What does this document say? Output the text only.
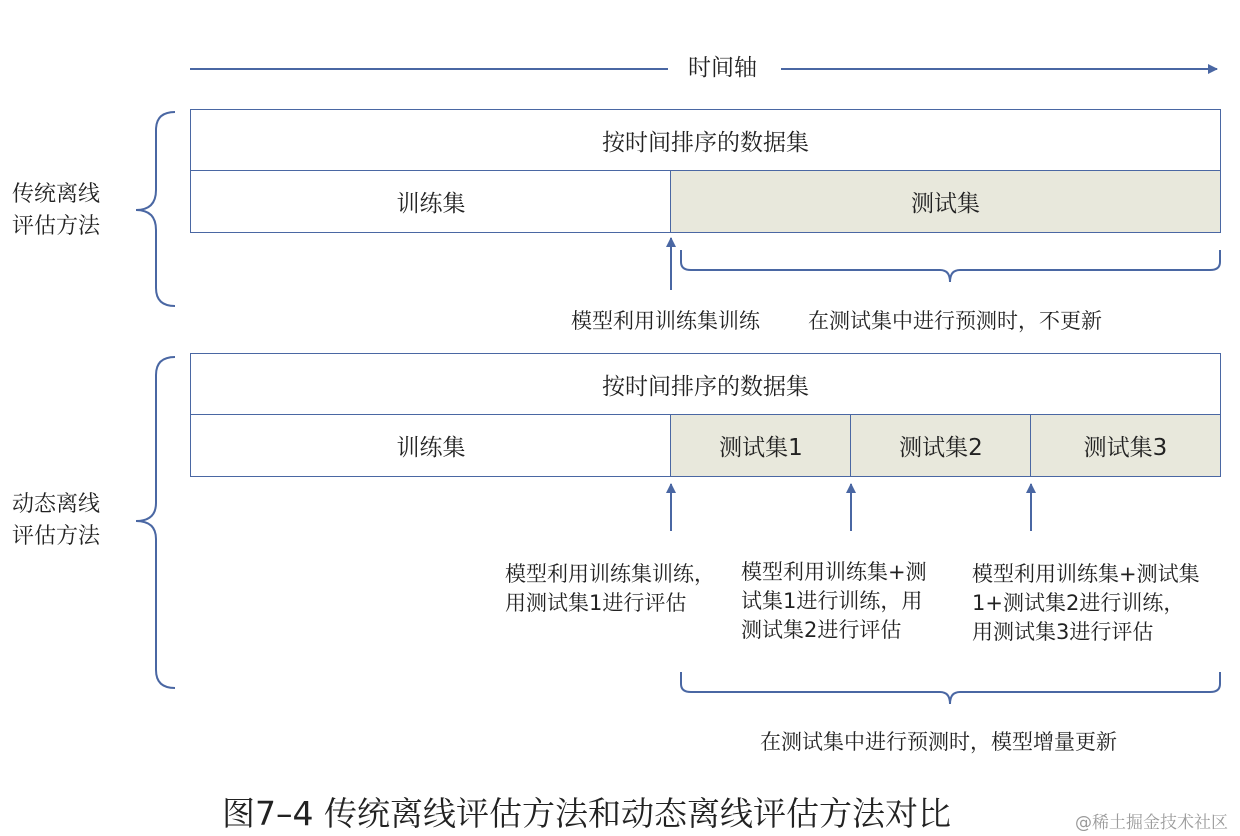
时间轴
传统离线
评估方法
按时间排序的数据集
训练集	测试集
模型利用训练集训练 在测试集中进行预测时，不更新
动态离线
评估方法
按时间排序的数据集
训练集	测试集1	测试集2	测试集3
模型利用训练集训练，
用测试集1进行评估
模型利用训练集+测
试集1进行训练，用
测试集2进行评估
模型利用训练集+测试集
1+测试集2进行训练，
用测试集3进行评估
在测试集中进行预测时，模型增量更新
图7–4 传统离线评估方法和动态离线评估方法对比	@稀土掘金技术社区
